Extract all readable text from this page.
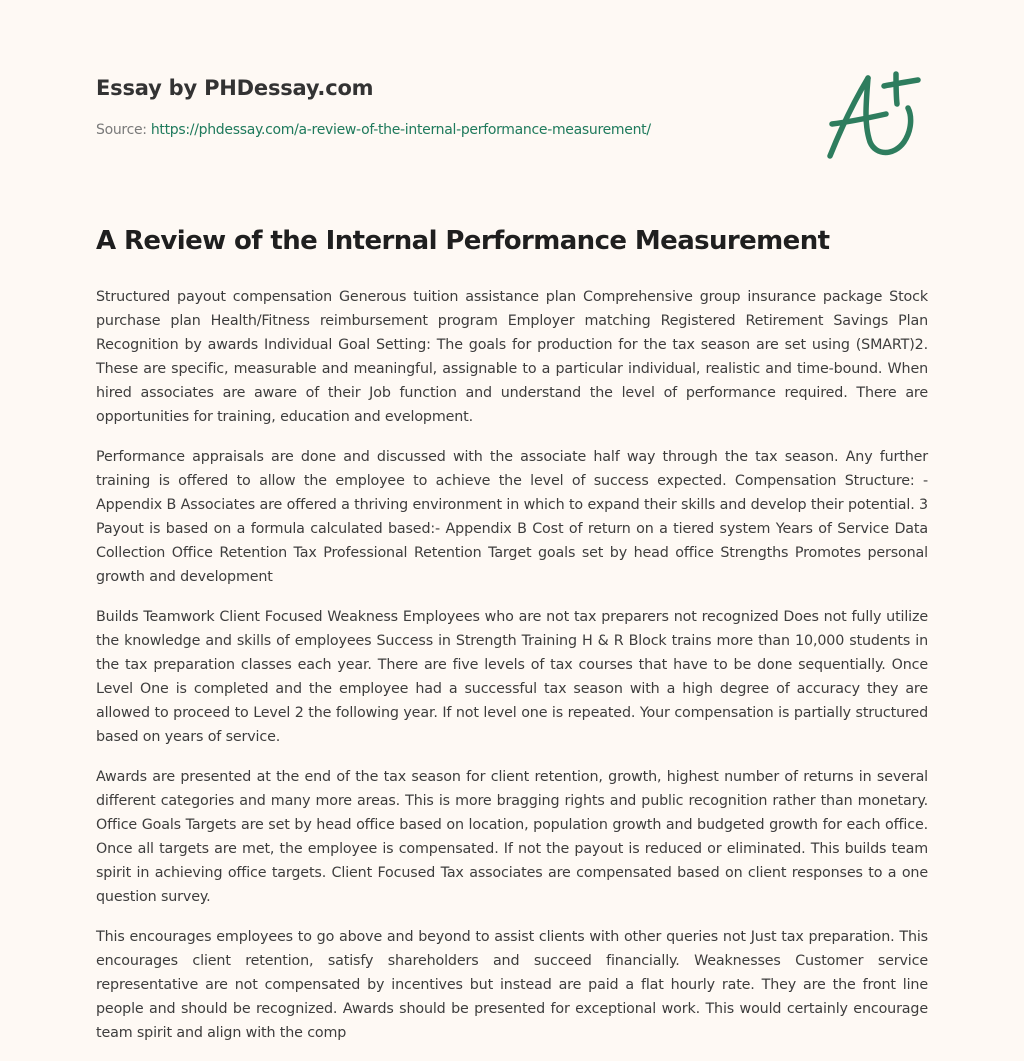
Essay by PHDessay.com
Source: https://phdessay.com/a-review-of-the-internal-performance-measurement/
A Review of the Internal Performance Measurement

Structured payout compensation Generous tuition assistance plan Comprehensive group insurance package Stock purchase plan Health/Fitness reimbursement program Employer matching Registered Retirement Savings Plan Recognition by awards Individual Goal Setting: The goals for production for the tax season are set using (SMART)2. These are specific, measurable and meaningful, assignable to a particular individual, realistic and time-bound. When hired associates are aware of their Job function and understand the level of performance required. There are opportunities for training, education and evelopment.

Performance appraisals are done and discussed with the associate half way through the tax season. Any further training is offered to allow the employee to achieve the level of success expected. Compensation Structure: - Appendix B Associates are offered a thriving environment in which to expand their skills and develop their potential. 3 Payout is based on a formula calculated based:- Appendix B Cost of return on a tiered system Years of Service Data Collection Office Retention Tax Professional Retention Target goals set by head office Strengths Promotes personal growth and development

Builds Teamwork Client Focused Weakness Employees who are not tax preparers not recognized Does not fully utilize the knowledge and skills of employees Success in Strength Training H & R Block trains more than 10,000 students in the tax preparation classes each year. There are five levels of tax courses that have to be done sequentially. Once Level One is completed and the employee had a successful tax season with a high degree of accuracy they are allowed to proceed to Level 2 the following year. If not level one is repeated. Your compensation is partially structured based on years of service.

Awards are presented at the end of the tax season for client retention, growth, highest number of returns in several different categories and many more areas. This is more bragging rights and public recognition rather than monetary. Office Goals Targets are set by head office based on location, population growth and budgeted growth for each office. Once all targets are met, the employee is compensated. If not the payout is reduced or eliminated. This builds team spirit in achieving office targets. Client Focused Tax associates are compensated based on client responses to a one question survey.

This encourages employees to go above and beyond to assist clients with other queries not Just tax preparation. This encourages client retention, satisfy shareholders and succeed financially. Weaknesses Customer service representative are not compensated by incentives but instead are paid a flat hourly rate. They are the front line people and should be recognized. Awards should be presented for exceptional work. This would certainly encourage team spirit and align with the comp
